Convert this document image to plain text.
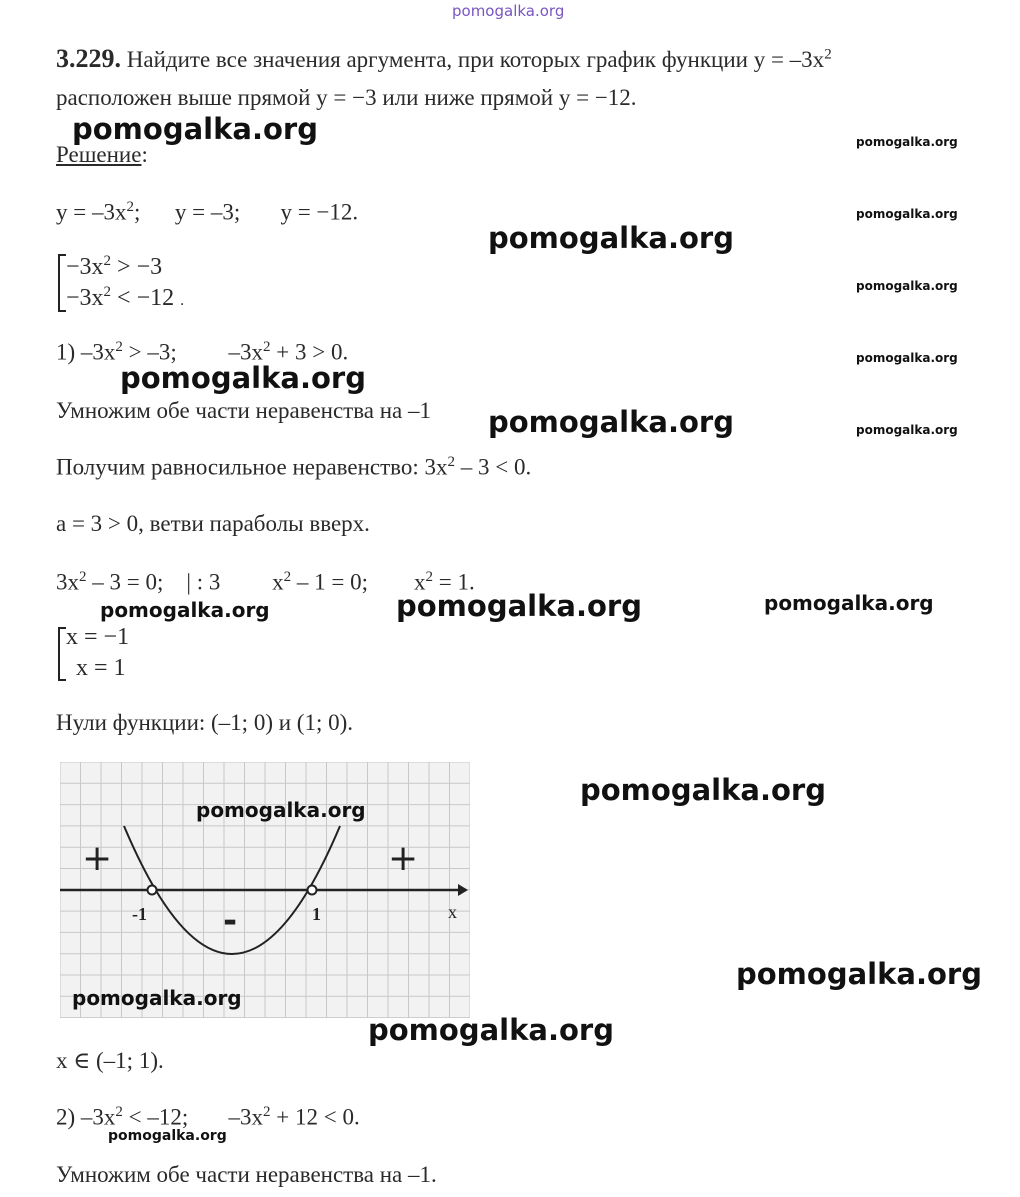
pomogalka.org
3.229. Найдите все значения аргумента, при которых график функции $y = -3x^2$
расположен выше прямой y = −3 или ниже прямой y = −12.
pomogalka.org	pomogalka.org
Решение:
$y = -3x^2$;      y = –3;       y = −12.	pomogalka.org
pomogalka.org
$-3x^2 > -3$
$-3x^2 < -12$ .
pomogalka.org
1) $-3x^2 > -3$;         $-3x^2 + 3 > 0$.	pomogalka.org
pomogalka.org
Умножим обе части неравенства на –1 pomogalka.org	pomogalka.org
Получим равносильное неравенство: $3x^2 - 3 < 0$.
a = 3 > 0, ветви параболы вверх.
$3x^2 - 3 = 0$;    | : 3         $x^2 - 1 = 0$;        $x^2 = 1$.
pomogalka.org	pomogalka.org	pomogalka.org
x = −1
x = 1
Нули функции: (–1; 0) и (1; 0).
+	+
-
-1	1	x
pomogalka.org
pomogalka.org
pomogalka.org
pomogalka.org
pomogalka.org
x ∈ (–1; 1).
2) $-3x^2 < -12$;       $-3x^2 + 12 < 0$.
pomogalka.org
Умножим обе части неравенства на –1.
